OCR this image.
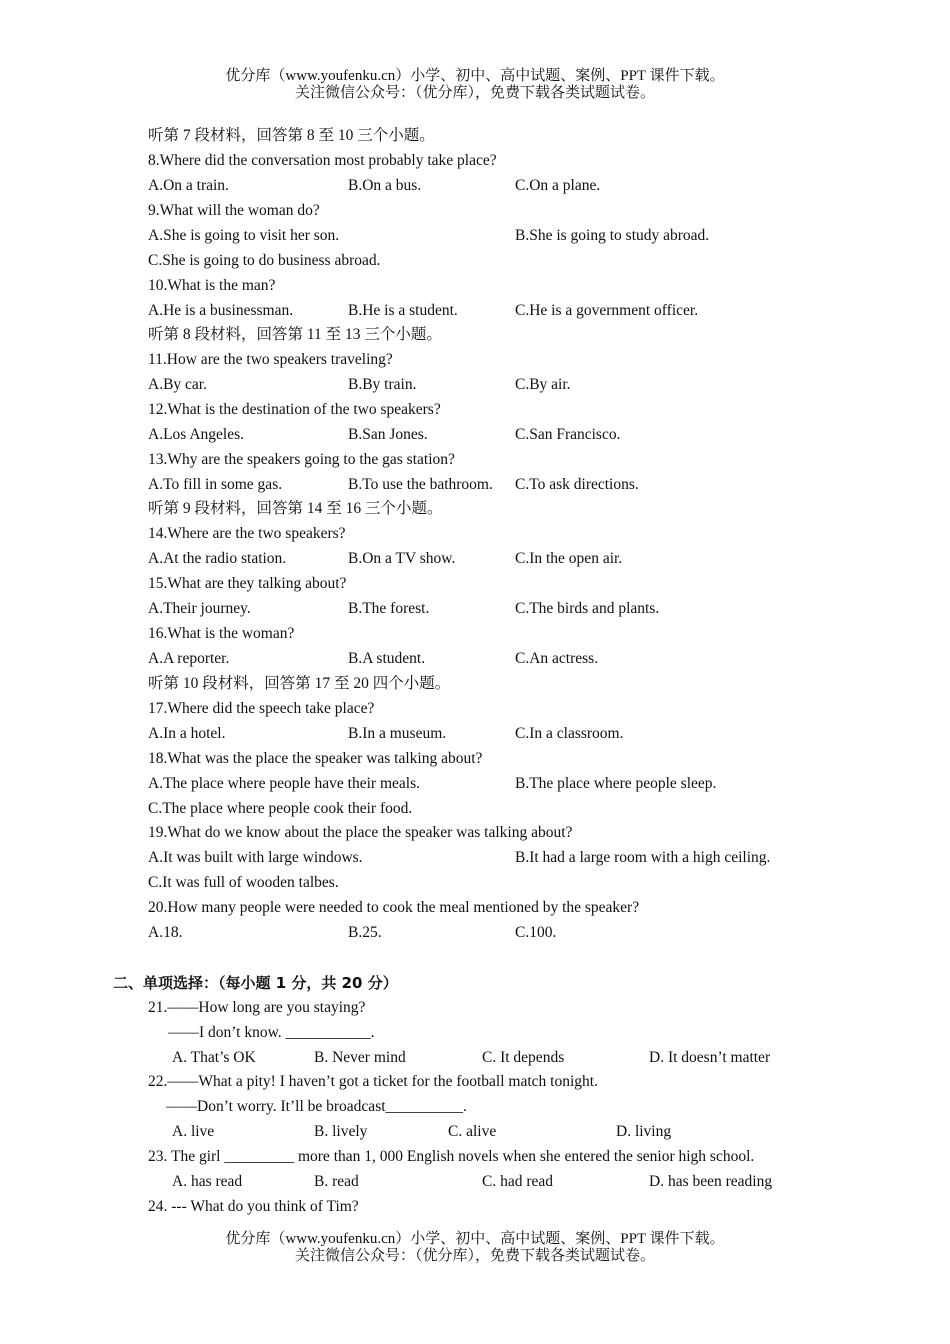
优分库（www.youfenku.cn）小学、初中、高中试题、案例、PPT 课件下载。
关注微信公众号：（优分库），免费下载各类试题试卷。
听第 7 段材料，回答第 8 至 10 三个小题。
8.Where did the conversation most probably take place?
A.On a train.	B.On a bus.	C.On a plane.
9.What will the woman do?
A.She is going to visit her son.	B.She is going to study abroad.
C.She is going to do business abroad.
10.What is the man?
A.He is a businessman.	B.He is a student.	C.He is a government officer.
听第 8 段材料，回答第 11 至 13 三个小题。
11.How are the two speakers traveling?
A.By car.	B.By train.	C.By air.
12.What is the destination of the two speakers?
A.Los Angeles.	B.San Jones.	C.San Francisco.
13.Why are the speakers going to the gas station?
A.To fill in some gas.	B.To use the bathroom. C.To ask directions.
听第 9 段材料，回答第 14 至 16 三个小题。
14.Where are the two speakers?
A.At the radio station.	B.On a TV show.	C.In the open air.
15.What are they talking about?
A.Their journey.	B.The forest.	C.The birds and plants.
16.What is the woman?
A.A reporter.	B.A student.	C.An actress.
听第 10 段材料，回答第 17 至 20 四个小题。
17.Where did the speech take place?
A.In a hotel.	B.In a museum.	C.In a classroom.
18.What was the place the speaker was talking about?
A.The place where people have their meals.	B.The place where people sleep.
C.The place where people cook their food.
19.What do we know about the place the speaker was talking about?
A.It was built with large windows.	B.It had a large room with a high ceiling.
C.It was full of wooden talbes.
20.How many people were needed to cook the meal mentioned by the speaker?
A.18.	B.25.	C.100.
二、单项选择：（每小题 1 分，共 20 分）
21.——How long are you staying?
——I don’t know. ___________.
A. That’s OK	B. Never mind	C. It depends	D. It doesn’t matter
22.——What a pity! I haven’t got a ticket for the football match tonight.
——Don’t worry. It’ll be broadcast__________.
A. live	B. lively	C. alive	D. living
23. The girl _________ more than 1, 000 English novels when she entered the senior high school.
A. has read	B. read	C. had read	D. has been reading
24. --- What do you think of Tim?
优分库（www.youfenku.cn）小学、初中、高中试题、案例、PPT 课件下载。
关注微信公众号：（优分库），免费下载各类试题试卷。
